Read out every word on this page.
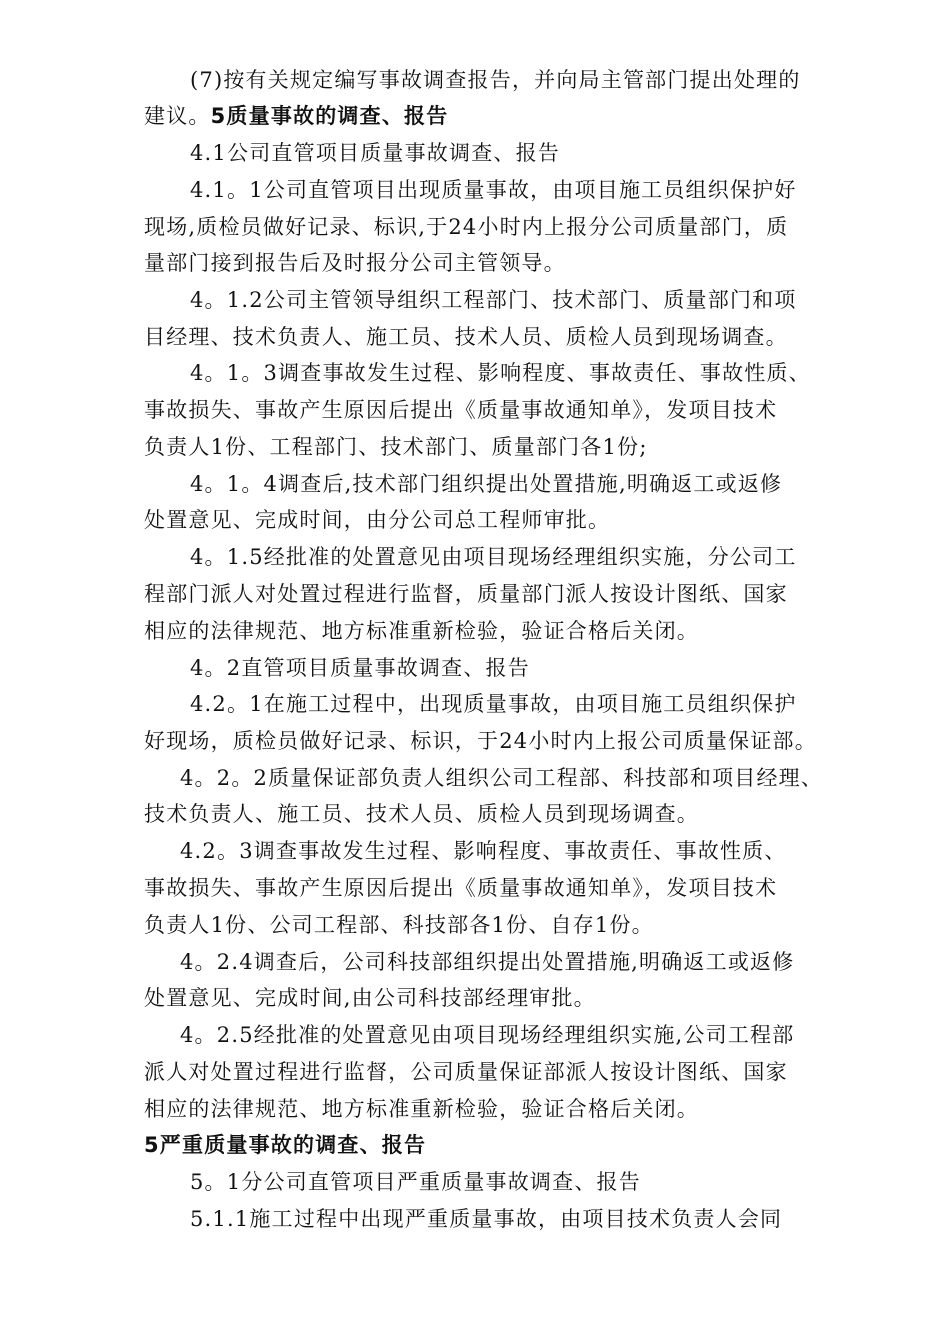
(7)按有关规定编写事故调查报告，并向局主管部门提出处理的
建议。5质量事故的调查、报告
4.1公司直管项目质量事故调查、报告
4.1。1公司直管项目出现质量事故，由项目施工员组织保护好
现场,质检员做好记录、标识,于24小时内上报分公司质量部门，质
量部门接到报告后及时报分公司主管领导。
4。1.2公司主管领导组织工程部门、技术部门、质量部门和项
目经理、技术负责人、施工员、技术人员、质检人员到现场调查。
4。1。3调查事故发生过程、影响程度、事故责任、事故性质、
事故损失、事故产生原因后提出《质量事故通知单》，发项目技术
负责人1份、工程部门、技术部门、质量部门各1份;
4。1。4调查后,技术部门组织提出处置措施,明确返工或返修
处置意见、完成时间，由分公司总工程师审批。
4。1.5经批准的处置意见由项目现场经理组织实施，分公司工
程部门派人对处置过程进行监督，质量部门派人按设计图纸、国家
相应的法律规范、地方标准重新检验，验证合格后关闭。
4。2直管项目质量事故调查、报告
4.2。1在施工过程中，出现质量事故，由项目施工员组织保护
好现场，质检员做好记录、标识，于24小时内上报公司质量保证部。
4。2。2质量保证部负责人组织公司工程部、科技部和项目经理、
技术负责人、施工员、技术人员、质检人员到现场调查。
4.2。3调查事故发生过程、影响程度、事故责任、事故性质、
事故损失、事故产生原因后提出《质量事故通知单》，发项目技术
负责人1份、公司工程部、科技部各1份、自存1份。
4。2.4调查后，公司科技部组织提出处置措施,明确返工或返修
处置意见、完成时间,由公司科技部经理审批。
4。2.5经批准的处置意见由项目现场经理组织实施,公司工程部
派人对处置过程进行监督，公司质量保证部派人按设计图纸、国家
相应的法律规范、地方标准重新检验，验证合格后关闭。
5严重质量事故的调查、报告
5。1分公司直管项目严重质量事故调查、报告
5.1.1施工过程中出现严重质量事故，由项目技术负责人会同
